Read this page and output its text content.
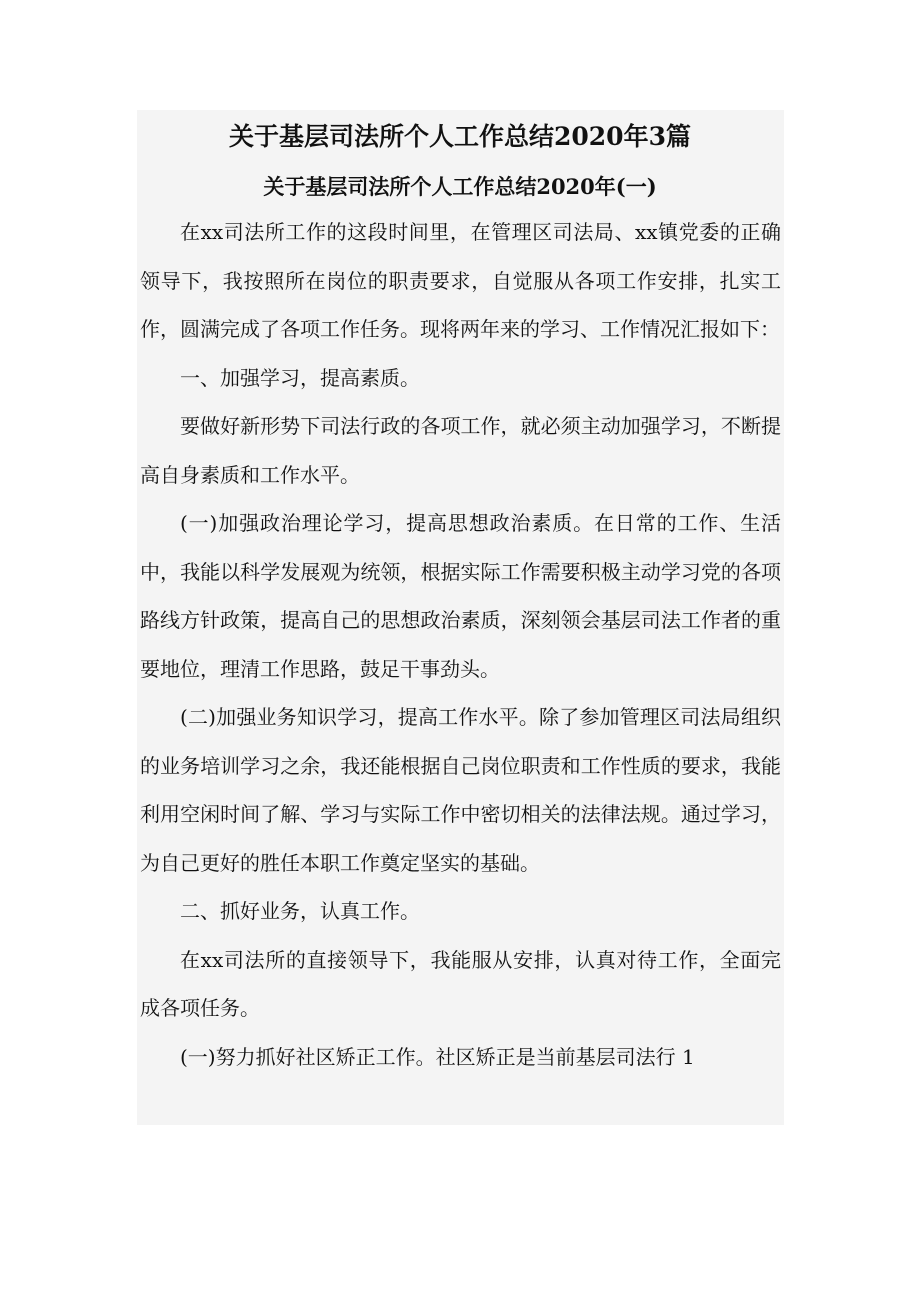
关于基层司法所个人工作总结2020年3篇
关于基层司法所个人工作总结2020年(一)

在xx司法所工作的这段时间里，在管理区司法局、xx镇党委的正确领导下，我按照所在岗位的职责要求，自觉服从各项工作安排，扎实工作，圆满完成了各项工作任务。现将两年来的学习、工作情况汇报如下：

一、加强学习，提高素质。

要做好新形势下司法行政的各项工作，就必须主动加强学习，不断提高自身素质和工作水平。

(一)加强政治理论学习，提高思想政治素质。在日常的工作、生活中，我能以科学发展观为统领，根据实际工作需要积极主动学习党的各项路线方针政策，提高自己的思想政治素质，深刻领会基层司法工作者的重要地位，理清工作思路，鼓足干事劲头。

(二)加强业务知识学习，提高工作水平。除了参加管理区司法局组织的业务培训学习之余，我还能根据自己岗位职责和工作性质的要求，我能利用空闲时间了解、学习与实际工作中密切相关的法律法规。通过学习，为自己更好的胜任本职工作奠定坚实的基础。

二、抓好业务，认真工作。

在xx司法所的直接领导下，我能服从安排，认真对待工作，全面完成各项任务。

(一)努力抓好社区矫正工作。社区矫正是当前基层司法行 1
